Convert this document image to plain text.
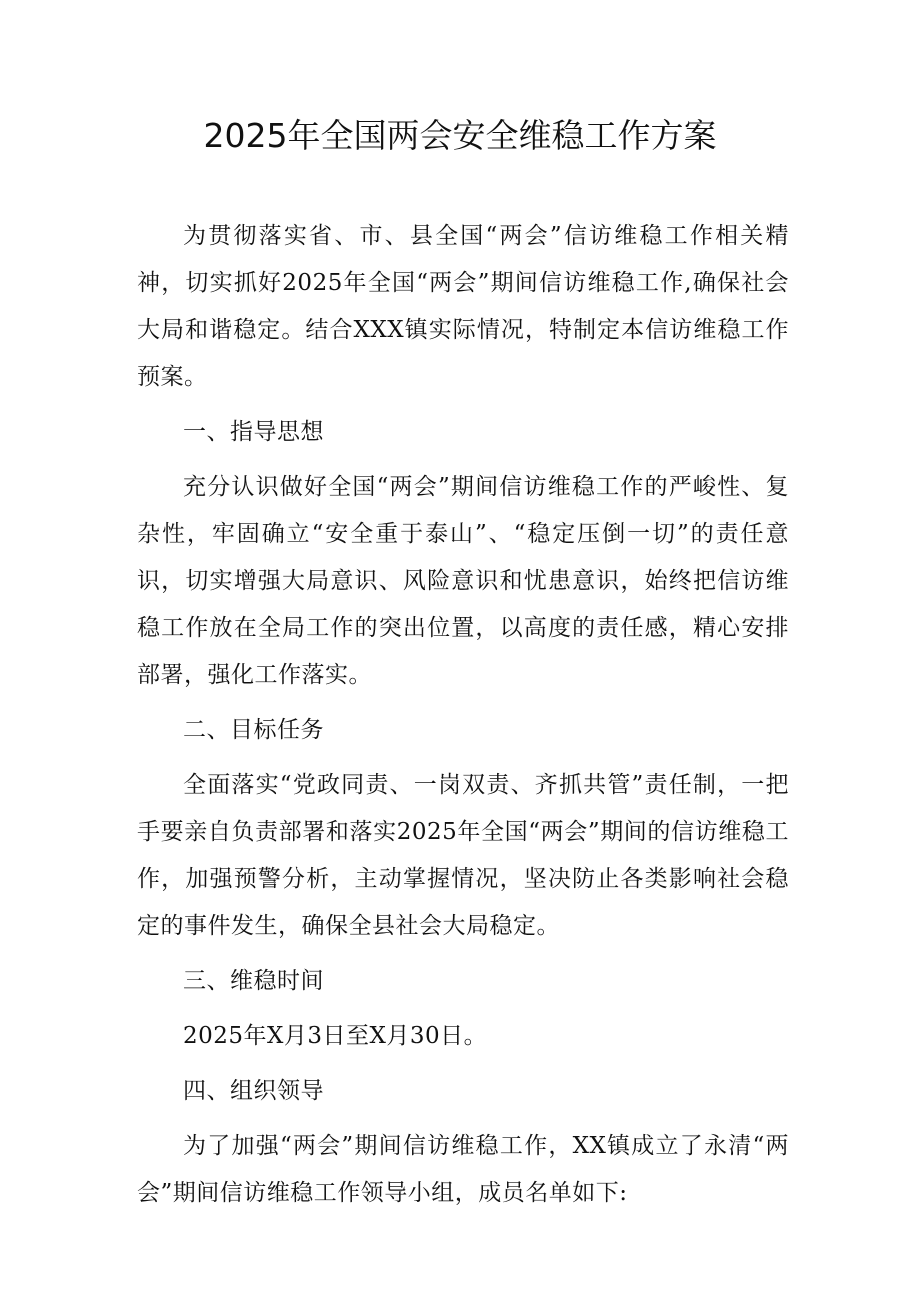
2025年全国两会安全维稳工作方案

为贯彻落实省、市、县全国“两会”信访维稳工作相关精神，切实抓好2025年全国“两会”期间信访维稳工作,确保社会大局和谐稳定。结合XXX镇实际情况，特制定本信访维稳工作预案。

一、指导思想

充分认识做好全国“两会”期间信访维稳工作的严峻性、复杂性，牢固确立“安全重于泰山”、“稳定压倒一切”的责任意识，切实增强大局意识、风险意识和忧患意识，始终把信访维稳工作放在全局工作的突出位置，以高度的责任感，精心安排部署，强化工作落实。

二、目标任务

全面落实“党政同责、一岗双责、齐抓共管”责任制，一把手要亲自负责部署和落实2025年全国“两会”期间的信访维稳工作，加强预警分析，主动掌握情况，坚决防止各类影响社会稳定的事件发生，确保全县社会大局稳定。

三、维稳时间

2025年X月3日至X月30日。

四、组织领导

为了加强“两会”期间信访维稳工作，XX镇成立了永清“两会”期间信访维稳工作领导小组，成员名单如下:
